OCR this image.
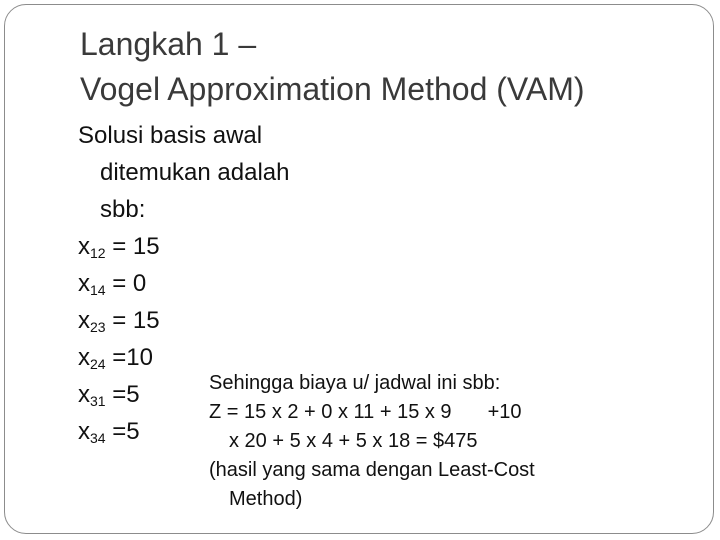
Langkah 1 –
Vogel Approximation Method (VAM)
Solusi basis awal
ditemukan adalah
sbb:
$x_{12} = 15$
$x_{14} = 0$
$x_{23} = 15$
$x_{24} =10$
$x_{31} =5$
$x_{34} =5$
Sehingga biaya u/ jadwal ini sbb:
Z = 15 x 2 + 0 x 11 + 15 x 9 +10
x 20 + 5 x 4 + 5 x 18 = $475
(hasil yang sama dengan Least-Cost
Method)
